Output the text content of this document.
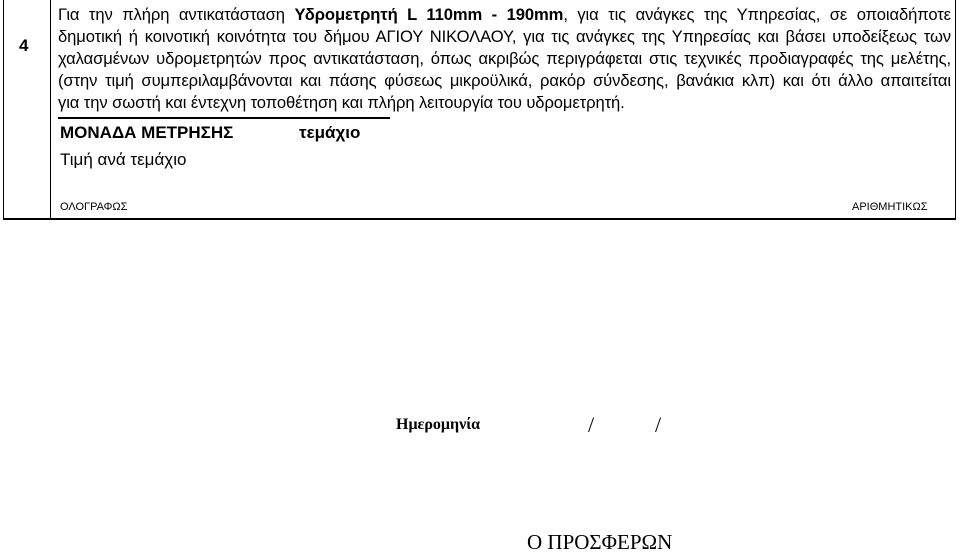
4
Για την πλήρη αντικατάσταση Υδρομετρητή L 110mm - 190mm, για τις ανάγκες της Υπηρεσίας, σε οποιαδήποτε
δημοτική ή κοινοτική κοινότητα του δήμου ΑΓΙΟΥ ΝΙΚΟΛΑΟΥ, για τις ανάγκες της Υπηρεσίας και βάσει υποδείξεως των
χαλασμένων υδρομετρητών προς αντικατάσταση, όπως ακριβώς περιγράφεται στις τεχνικές προδιαγραφές της μελέτης,
(στην τιμή συμπεριλαμβάνονται και πάσης φύσεως μικροϋλικά, ρακόρ σύνδεσης, βανάκια κλπ) και ότι άλλο απαιτείται
για την σωστή και έντεχνη τοποθέτηση και πλήρη λειτουργία του υδρομετρητή.
ΜΟΝΑΔΑ ΜΕΤΡΗΣΗΣ	τεμάχιο
Τιμή ανά τεμάχιο
ΟΛΟΓΡΑΦΩΣ	ΑΡΙΘΜΗΤΙΚΩΣ
Ημερομηνία	/	/
Ο ΠΡΟΣΦΕΡΩΝ
